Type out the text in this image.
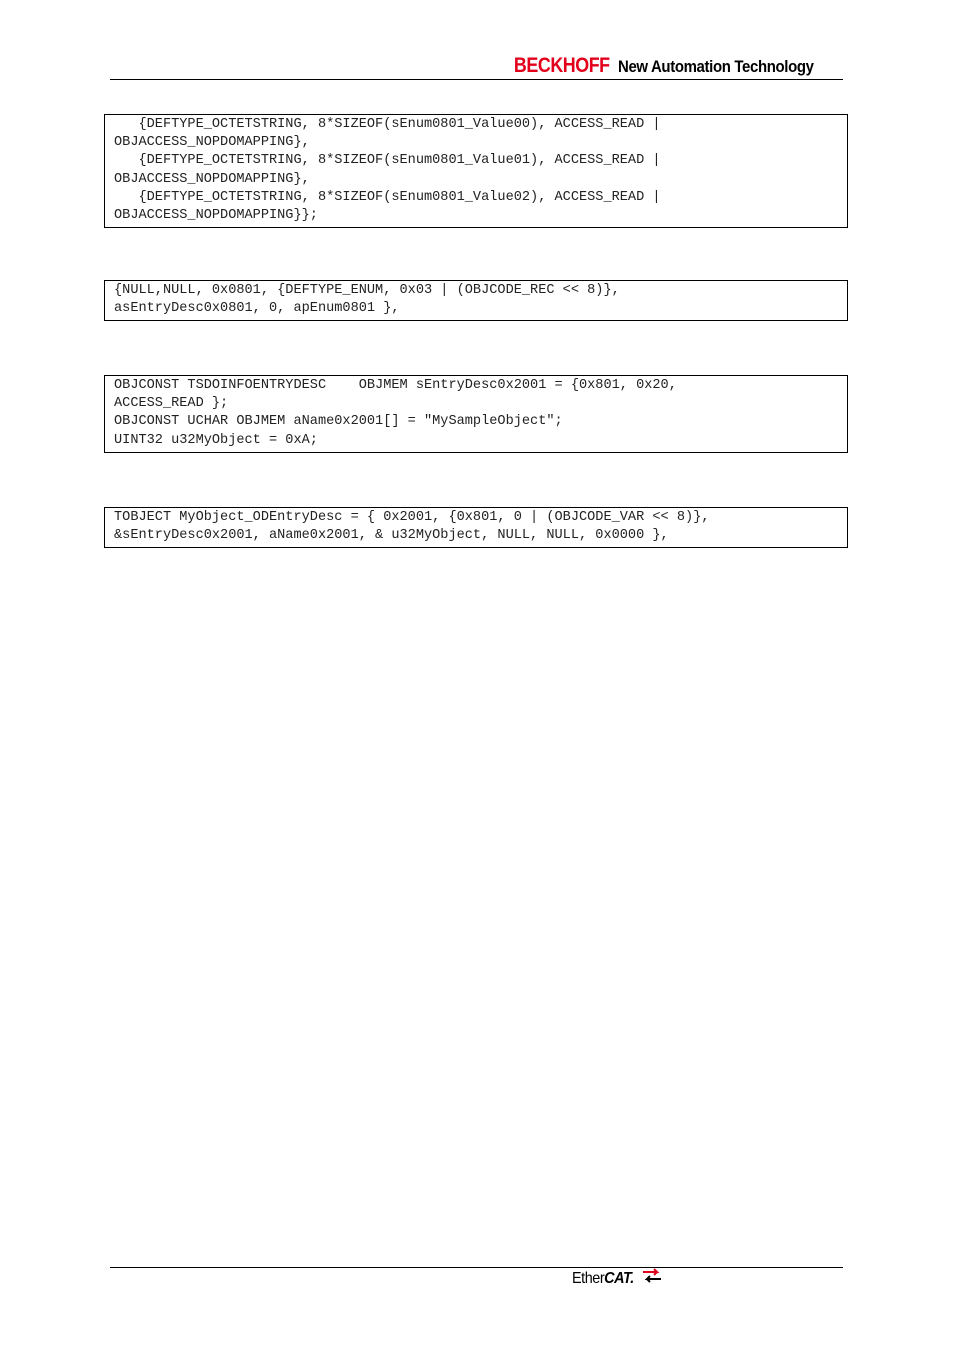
BECKHOFF New Automation Technology
{DEFTYPE_OCTETSTRING, 8*SIZEOF(sEnum0801_Value00), ACCESS_READ |
OBJACCESS_NOPDOMAPPING},
{DEFTYPE_OCTETSTRING, 8*SIZEOF(sEnum0801_Value01), ACCESS_READ |
OBJACCESS_NOPDOMAPPING},
{DEFTYPE_OCTETSTRING, 8*SIZEOF(sEnum0801_Value02), ACCESS_READ |
OBJACCESS_NOPDOMAPPING}};
{NULL,NULL, 0x0801, {DEFTYPE_ENUM, 0x03 | (OBJCODE_REC << 8)},
asEntryDesc0x0801, 0, apEnum0801 },
OBJCONST TSDOINFOENTRYDESC    OBJMEM sEntryDesc0x2001 = {0x801, 0x20,
ACCESS_READ };
OBJCONST UCHAR OBJMEM aName0x2001[] = "MySampleObject";
UINT32 u32MyObject = 0xA;
TOBJECT MyObject_ODEntryDesc = { 0x2001, {0x801, 0 | (OBJCODE_VAR << 8)},
&sEntryDesc0x2001, aName0x2001, & u32MyObject, NULL, NULL, 0x0000 },
EtherCAT.
